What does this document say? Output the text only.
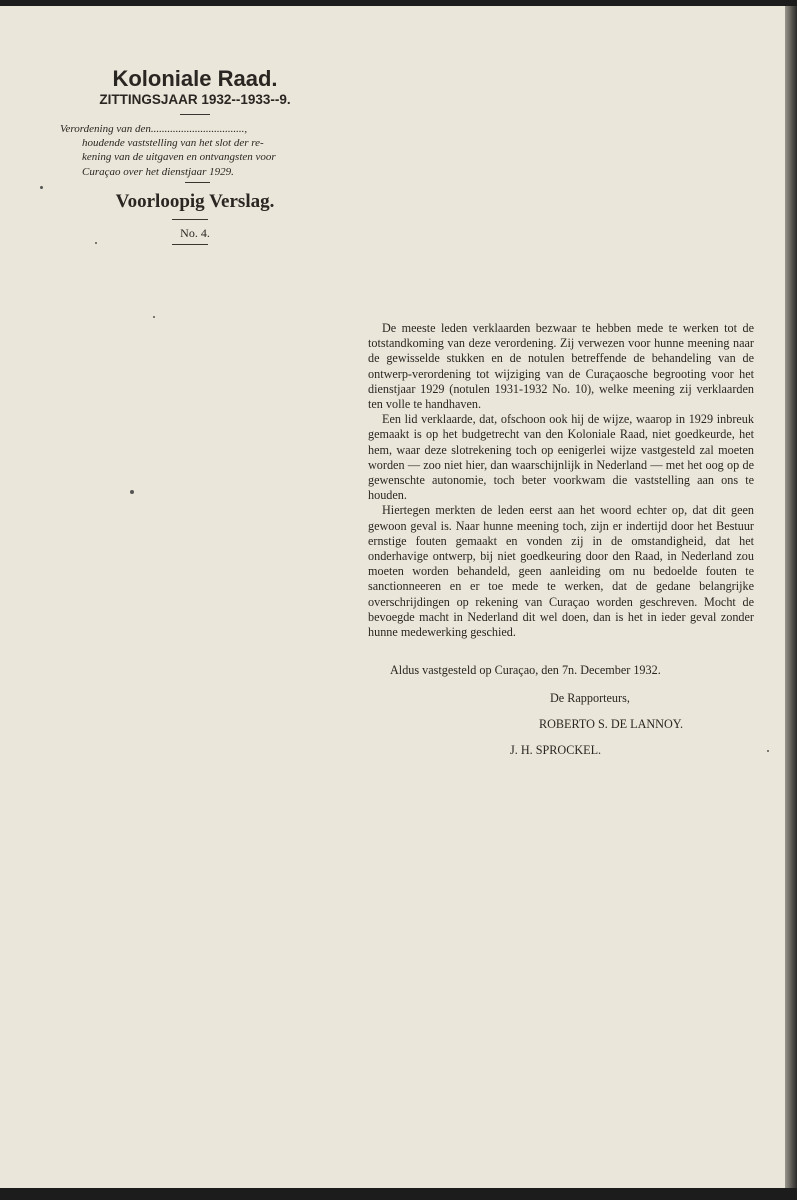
Koloniale Raad.
ZITTINGSJAAR 1932--1933--9.

Verordening van den..................................,
houdende vaststelling van het slot der re-
kening van de uitgaven en ontvangsten voor
Curaçao over het dienstjaar 1929.

Voorloopig Verslag.
No. 4.

De meeste leden verklaarden bezwaar te hebben mede te werken tot de totstandkoming van deze verordening. Zij verwezen voor hunne meening naar de gewisselde stukken en de notulen betreffende de behandeling van de ontwerp-verordening tot wijziging van de Curaçaosche begrooting voor het dienstjaar 1929 (notulen 1931-1932 No. 10), welke meening zij verklaarden ten volle te handhaven.

Een lid verklaarde, dat, ofschoon ook hij de wijze, waarop in 1929 inbreuk gemaakt is op het budgetrecht van den Koloniale Raad, niet goedkeurde, het hem, waar deze slotrekening toch op eenigerlei wijze vastgesteld zal moeten worden — zoo niet hier, dan waarschijnlijk in Nederland — met het oog op de gewenschte autonomie, toch beter voorkwam die vaststelling aan ons te houden.

Hiertegen merkten de leden eerst aan het woord echter op, dat dit geen gewoon geval is. Naar hunne meening toch, zijn er indertijd door het Bestuur ernstige fouten gemaakt en vonden zij in de omstandigheid, dat het onderhavige ontwerp, bij niet goedkeuring door den Raad, in Nederland zou moeten worden behandeld, geen aanleiding om nu bedoelde fouten te sanctionneeren en er toe mede te werken, dat de gedane belangrijke overschrijdingen op rekening van Curaçao worden geschreven. Mocht de bevoegde macht in Nederland dit wel doen, dan is het in ieder geval zonder hunne medewerking geschied.

Aldus vastgesteld op Curaçao, den 7n. December 1932.
De Rapporteurs,
ROBERTO S. DE LANNOY.
J. H. SPROCKEL.
